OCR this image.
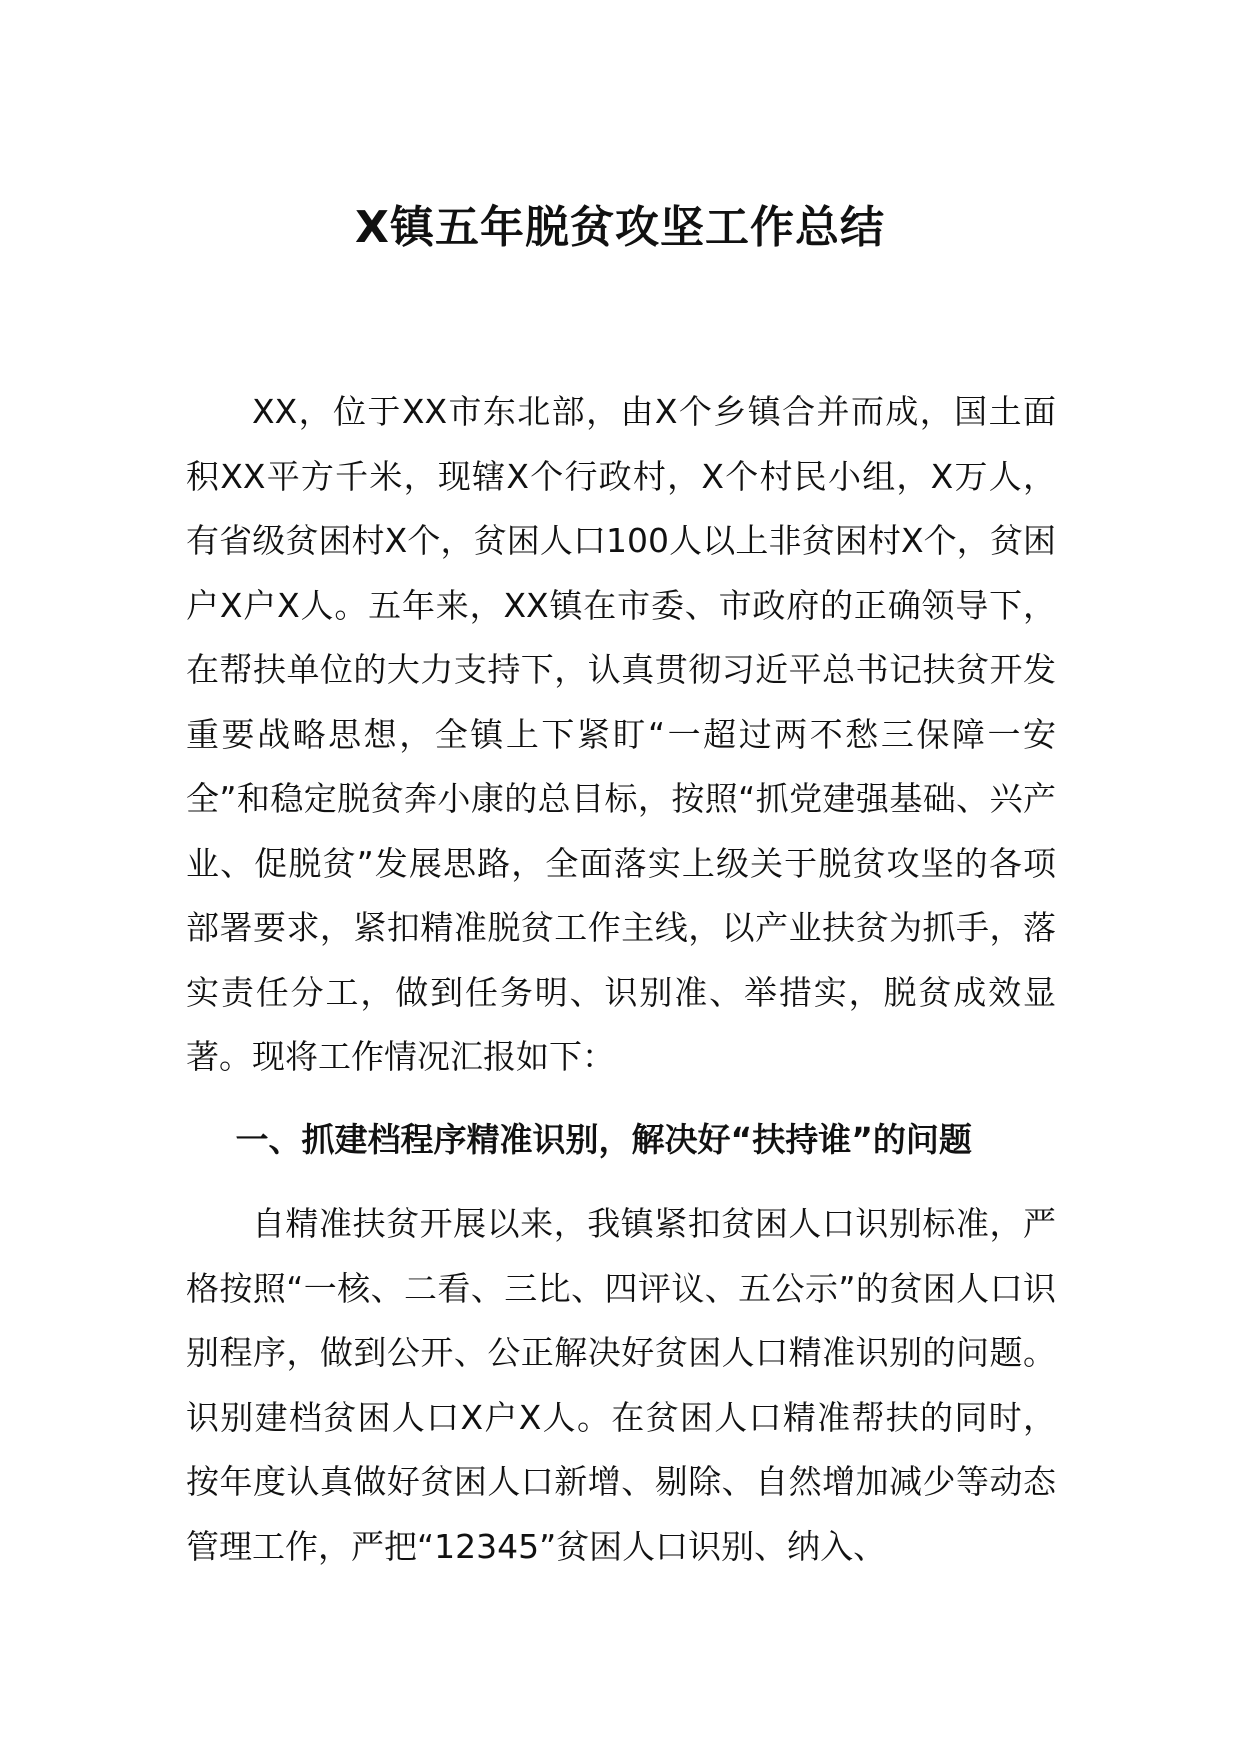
X镇五年脱贫攻坚工作总结

XX，位于XX市东北部，由X个乡镇合并而成，国土面积XX平方千米，现辖X个行政村，X个村民小组，X万人，有省级贫困村X个，贫困人口100人以上非贫困村X个，贫困户X户X人。五年来，XX镇在市委、市政府的正确领导下，在帮扶单位的大力支持下，认真贯彻习近平总书记扶贫开发重要战略思想，全镇上下紧盯“一超过两不愁三保障一安全”和稳定脱贫奔小康的总目标，按照“抓党建强基础、兴产业、促脱贫”发展思路，全面落实上级关于脱贫攻坚的各项部署要求，紧扣精准脱贫工作主线，以产业扶贫为抓手，落实责任分工，做到任务明、识别准、举措实，脱贫成效显著。现将工作情况汇报如下：

一、抓建档程序精准识别，解决好“扶持谁”的问题

自精准扶贫开展以来，我镇紧扣贫困人口识别标准，严格按照“一核、二看、三比、四评议、五公示”的贫困人口识别程序，做到公开、公正解决好贫困人口精准识别的问题。识别建档贫困人口X户X人。在贫困人口精准帮扶的同时，按年度认真做好贫困人口新增、剔除、自然增加减少等动态管理工作，严把“12345”贫困人口识别、纳入、
